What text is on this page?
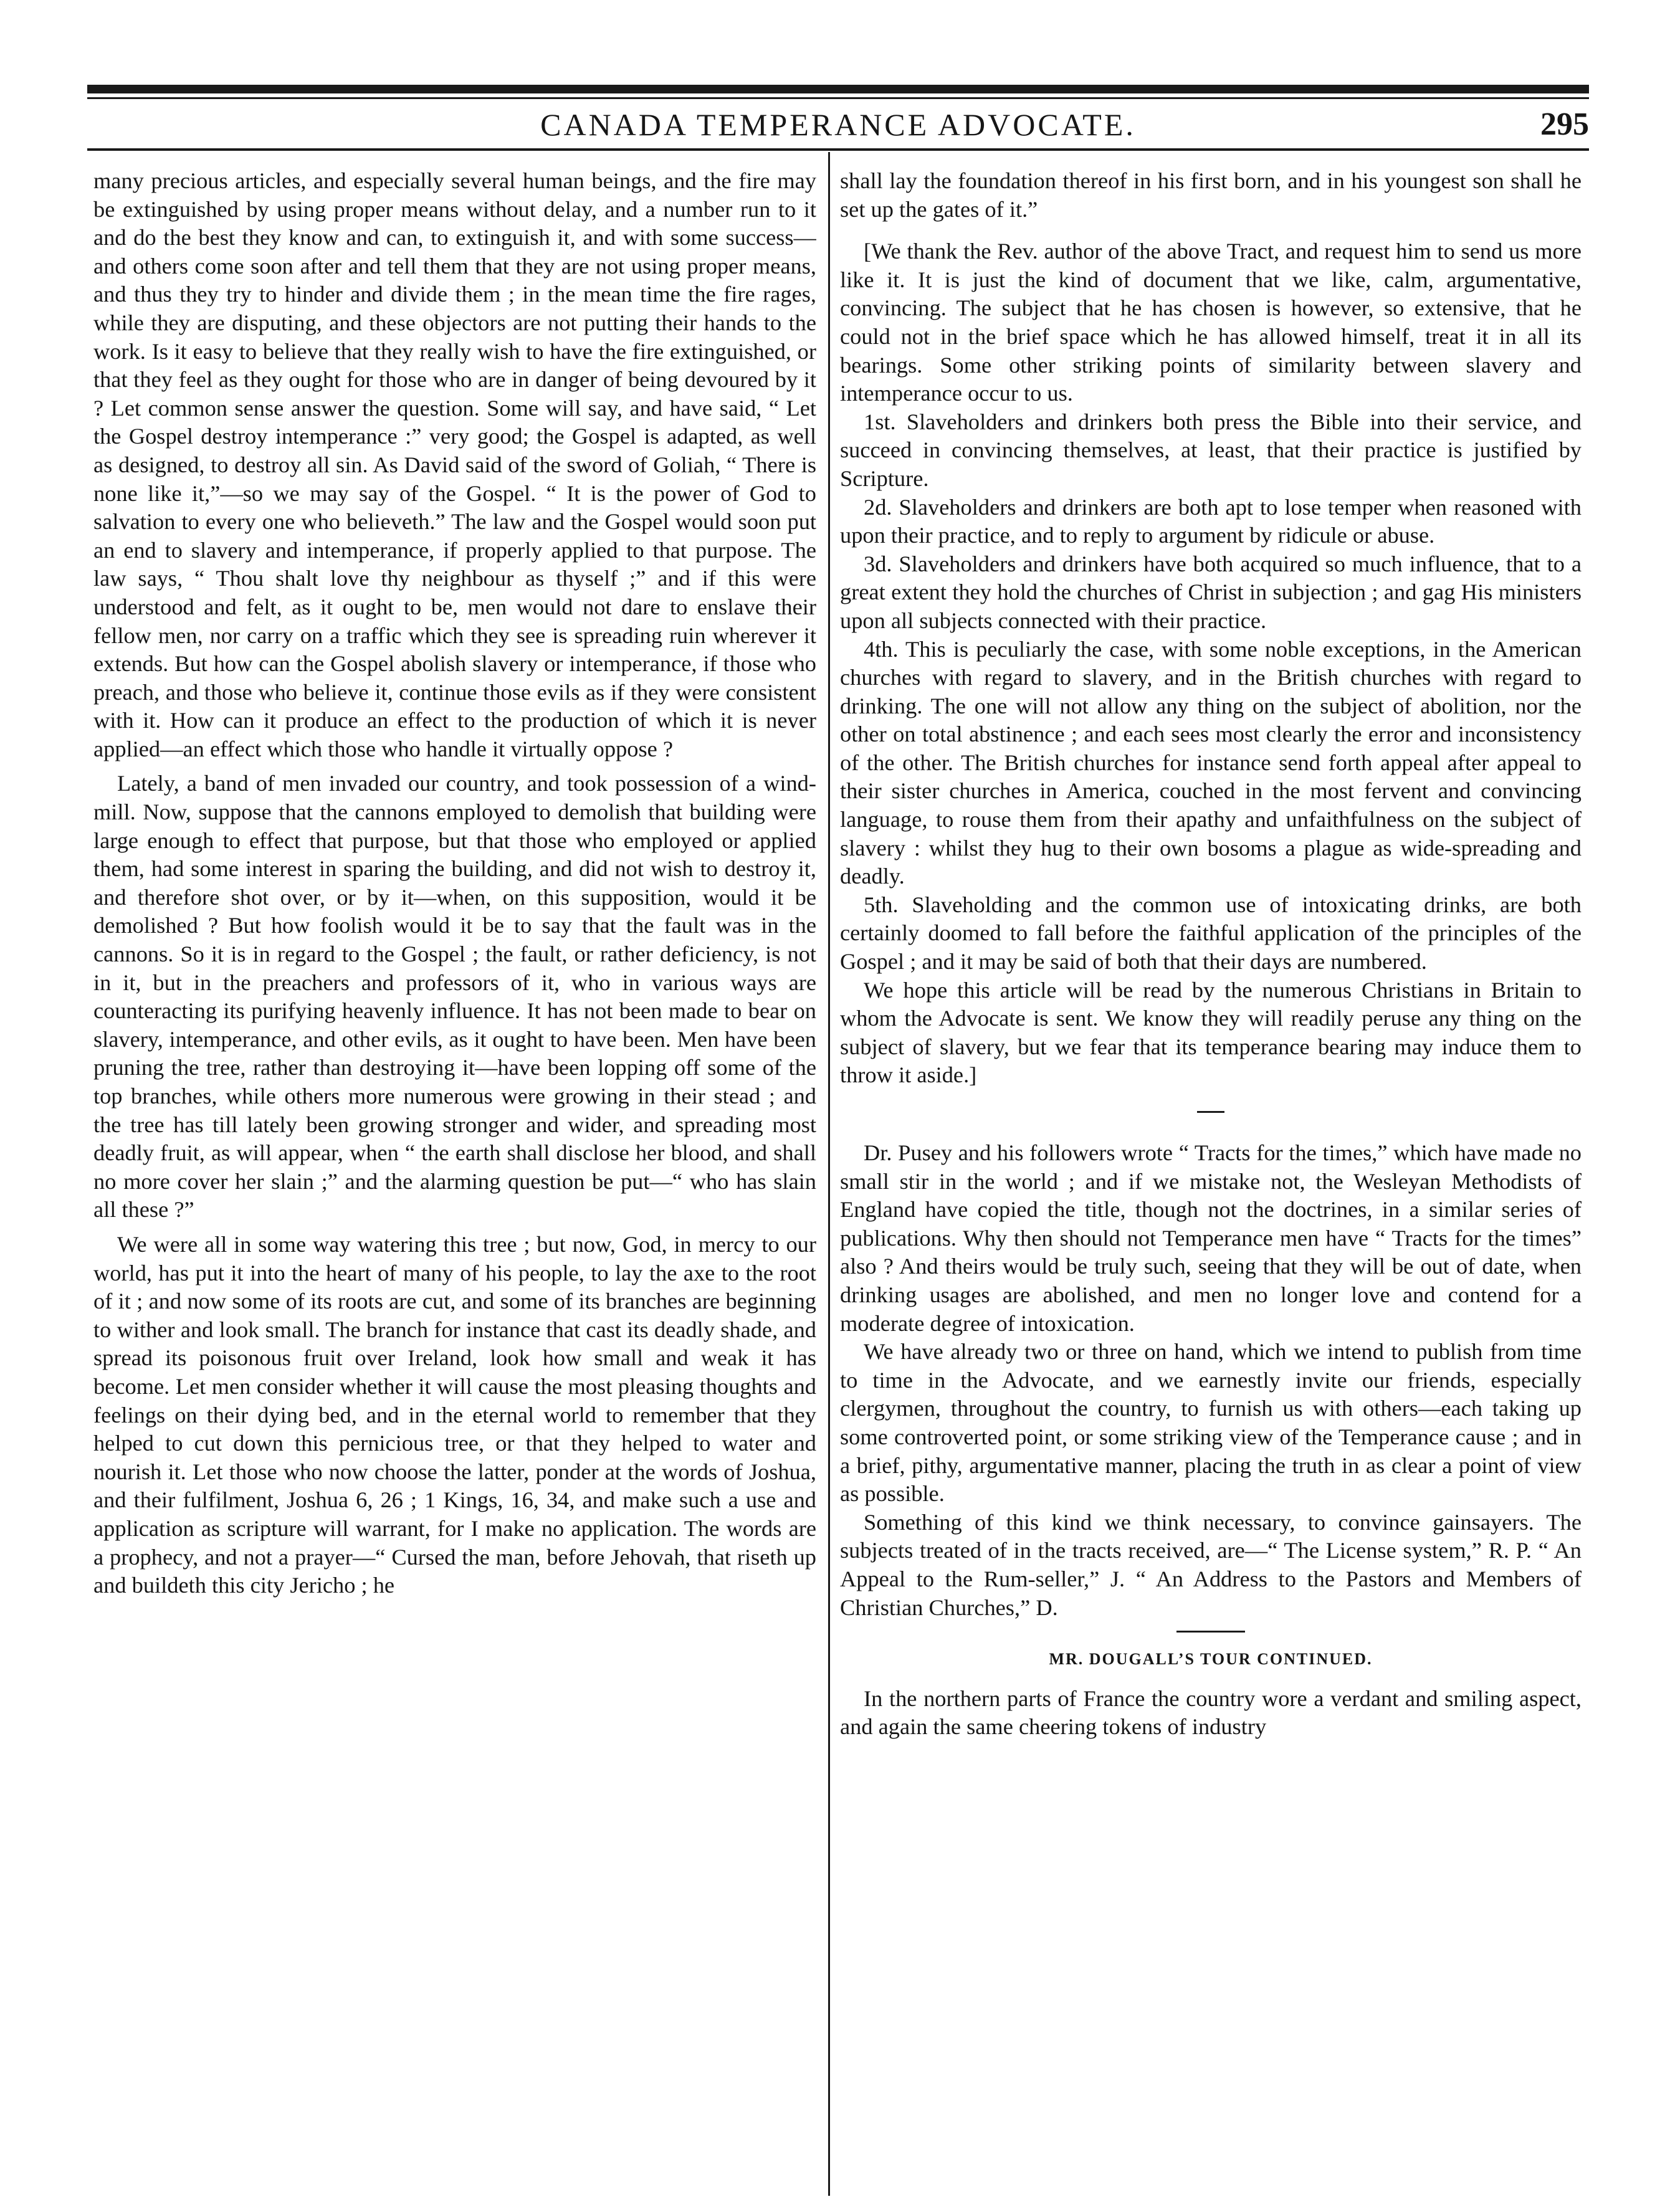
CANADA TEMPERANCE ADVOCATE.	295

many precious articles, and especially several human beings, and the fire may be extinguished by using proper means without delay, and a number run to it and do the best they know and can, to extinguish it, and with some success—and others come soon after and tell them that they are not using proper means, and thus they try to hinder and divide them ; in the mean time the fire rages, while they are disputing, and these objectors are not putting their hands to the work. Is it easy to believe that they really wish to have the fire extinguished, or that they feel as they ought for those who are in danger of being devoured by it ? Let common sense answer the question. Some will say, and have said, “ Let the Gospel destroy intemperance :” very good; the Gospel is adapted, as well as designed, to destroy all sin. As David said of the sword of Goliah, “ There is none like it,”—so we may say of the Gospel. “ It is the power of God to salvation to every one who believeth.” The law and the Gospel would soon put an end to slavery and intemperance, if properly applied to that purpose. The law says, “ Thou shalt love thy neighbour as thyself ;” and if this were understood and felt, as it ought to be, men would not dare to enslave their fellow men, nor carry on a traffic which they see is spreading ruin wherever it extends. But how can the Gospel abolish slavery or intemperance, if those who preach, and those who believe it, continue those evils as if they were consistent with it. How can it produce an effect to the production of which it is never applied—an effect which those who handle it virtually oppose ?

Lately, a band of men invaded our country, and took possession of a wind-mill. Now, suppose that the cannons employed to demolish that building were large enough to effect that purpose, but that those who employed or applied them, had some interest in sparing the building, and did not wish to destroy it, and therefore shot over, or by it—when, on this supposition, would it be demolished ? But how foolish would it be to say that the fault was in the cannons. So it is in regard to the Gospel ; the fault, or rather deficiency, is not in it, but in the preachers and professors of it, who in various ways are counteracting its purifying heavenly influence. It has not been made to bear on slavery, intemperance, and other evils, as it ought to have been. Men have been pruning the tree, rather than destroying it—have been lopping off some of the top branches, while others more numerous were growing in their stead ; and the tree has till lately been growing stronger and wider, and spreading most deadly fruit, as will appear, when “ the earth shall disclose her blood, and shall no more cover her slain ;” and the alarming question be put—“ who has slain all these ?”

We were all in some way watering this tree ; but now, God, in mercy to our world, has put it into the heart of many of his people, to lay the axe to the root of it ; and now some of its roots are cut, and some of its branches are beginning to wither and look small. The branch for instance that cast its deadly shade, and spread its poisonous fruit over Ireland, look how small and weak it has become. Let men consider whether it will cause the most pleasing thoughts and feelings on their dying bed, and in the eternal world to remember that they helped to cut down this pernicious tree, or that they helped to water and nourish it. Let those who now choose the latter, ponder at the words of Joshua, and their fulfilment, Joshua 6, 26 ; 1 Kings, 16, 34, and make such a use and application as scripture will warrant, for I make no application. The words are a prophecy, and not a prayer—“ Cursed the man, before Jehovah, that riseth up and buildeth this city Jericho ; he

shall lay the foundation thereof in his first born, and in his youngest son shall he set up the gates of it.”

[We thank the Rev. author of the above Tract, and request him to send us more like it. It is just the kind of document that we like, calm, argumentative, convincing. The subject that he has chosen is however, so extensive, that he could not in the brief space which he has allowed himself, treat it in all its bearings. Some other striking points of similarity between slavery and intemperance occur to us.

1st. Slaveholders and drinkers both press the Bible into their service, and succeed in convincing themselves, at least, that their practice is justified by Scripture.

2d. Slaveholders and drinkers are both apt to lose temper when reasoned with upon their practice, and to reply to argument by ridicule or abuse.

3d. Slaveholders and drinkers have both acquired so much influence, that to a great extent they hold the churches of Christ in subjection ; and gag His ministers upon all subjects connected with their practice.

4th. This is peculiarly the case, with some noble exceptions, in the American churches with regard to slavery, and in the British churches with regard to drinking. The one will not allow any thing on the subject of abolition, nor the other on total abstinence ; and each sees most clearly the error and inconsistency of the other. The British churches for instance send forth appeal after appeal to their sister churches in America, couched in the most fervent and convincing language, to rouse them from their apathy and unfaithfulness on the subject of slavery : whilst they hug to their own bosoms a plague as wide-spreading and deadly.

5th. Slaveholding and the common use of intoxicating drinks, are both certainly doomed to fall before the faithful application of the principles of the Gospel ; and it may be said of both that their days are numbered.

We hope this article will be read by the numerous Christians in Britain to whom the Advocate is sent. We know they will readily peruse any thing on the subject of slavery, but we fear that its temperance bearing may induce them to throw it aside.]

Dr. Pusey and his followers wrote “ Tracts for the times,” which have made no small stir in the world ; and if we mistake not, the Wesleyan Methodists of England have copied the title, though not the doctrines, in a similar series of publications. Why then should not Temperance men have “ Tracts for the times” also ? And theirs would be truly such, seeing that they will be out of date, when drinking usages are abolished, and men no longer love and contend for a moderate degree of intoxication.

We have already two or three on hand, which we intend to publish from time to time in the Advocate, and we earnestly invite our friends, especially clergymen, throughout the country, to furnish us with others—each taking up some controverted point, or some striking view of the Temperance cause ; and in a brief, pithy, argumentative manner, placing the truth in as clear a point of view as possible.

Something of this kind we think necessary, to convince gainsayers. The subjects treated of in the tracts received, are—“ The License system,” R. P. “ An Appeal to the Rum-seller,” J. “ An Address to the Pastors and Members of Christian Churches,” D.

MR. DOUGALL’S TOUR CONTINUED.

In the northern parts of France the country wore a verdant and smiling aspect, and again the same cheering tokens of industry
